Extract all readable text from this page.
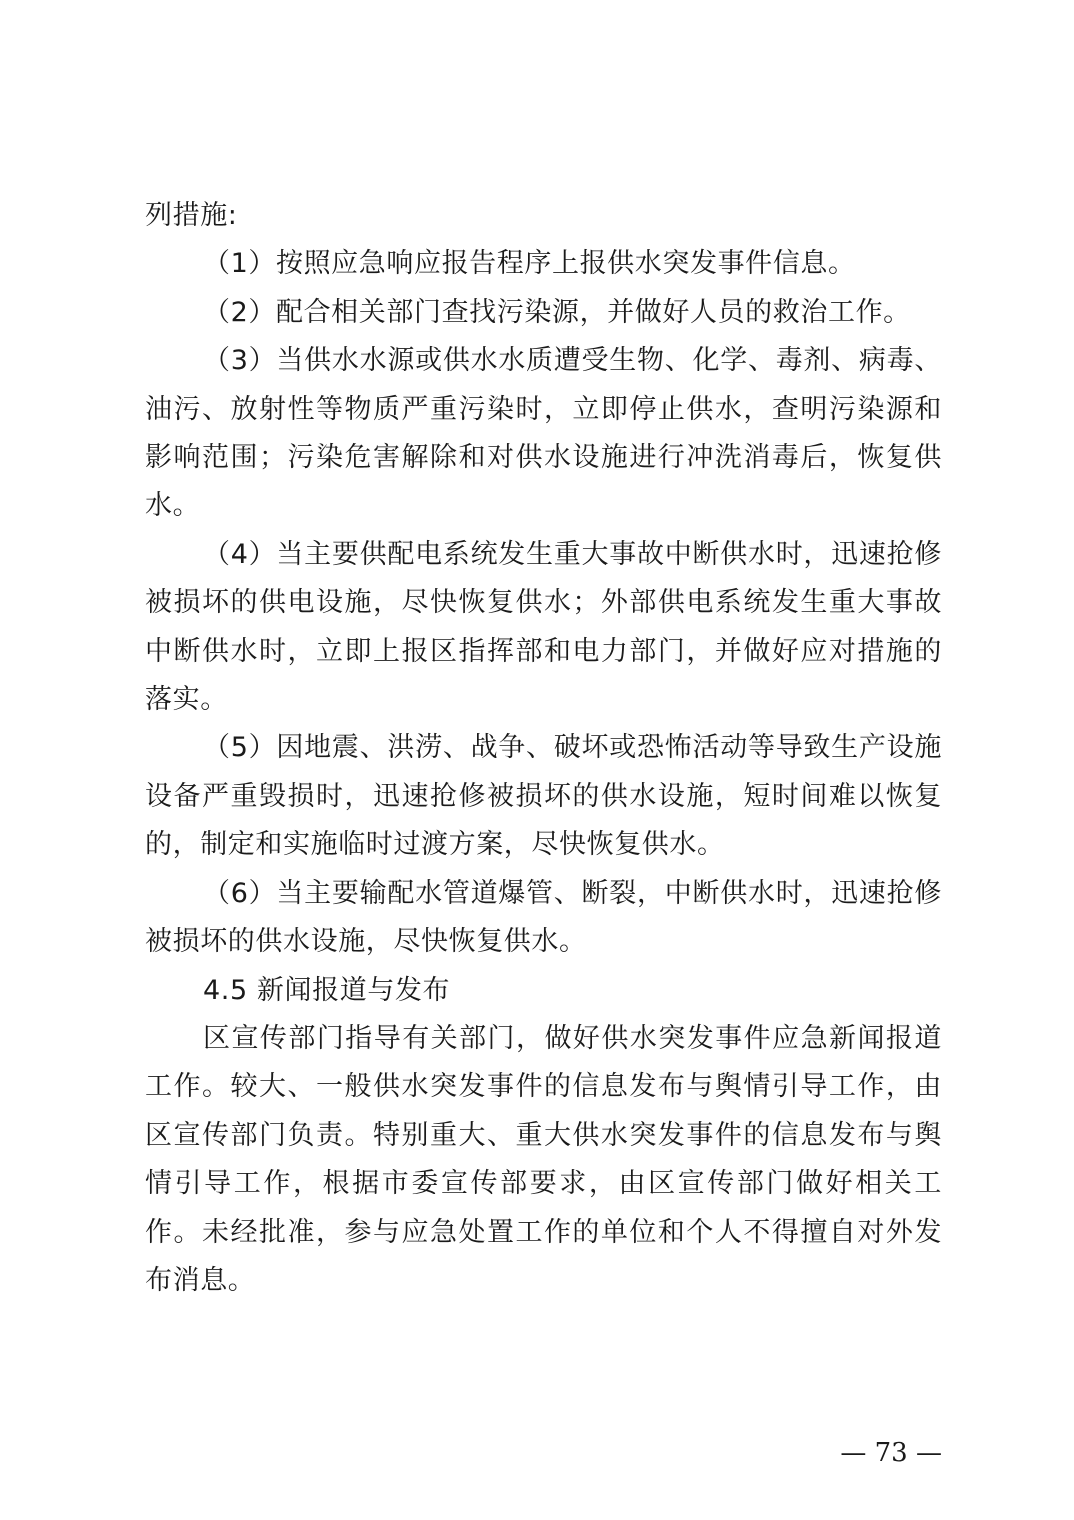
列措施:

（1）按照应急响应报告程序上报供水突发事件信息。

（2）配合相关部门查找污染源，并做好人员的救治工作。

（3）当供水水源或供水水质遭受生物、化学、毒剂、病毒、油污、放射性等物质严重污染时，立即停止供水，查明污染源和影响范围；污染危害解除和对供水设施进行冲洗消毒后，恢复供水。

（4）当主要供配电系统发生重大事故中断供水时，迅速抢修被损坏的供电设施，尽快恢复供水；外部供电系统发生重大事故中断供水时，立即上报区指挥部和电力部门，并做好应对措施的落实。

（5）因地震、洪涝、战争、破坏或恐怖活动等导致生产设施设备严重毁损时，迅速抢修被损坏的供水设施，短时间难以恢复的，制定和实施临时过渡方案，尽快恢复供水。

（6）当主要输配水管道爆管、断裂，中断供水时，迅速抢修被损坏的供水设施，尽快恢复供水。

4.5 新闻报道与发布

区宣传部门指导有关部门，做好供水突发事件应急新闻报道工作。较大、一般供水突发事件的信息发布与舆情引导工作，由区宣传部门负责。特别重大、重大供水突发事件的信息发布与舆情引导工作，根据市委宣传部要求，由区宣传部门做好相关工作。未经批准，参与应急处置工作的单位和个人不得擅自对外发布消息。

— 73 —
